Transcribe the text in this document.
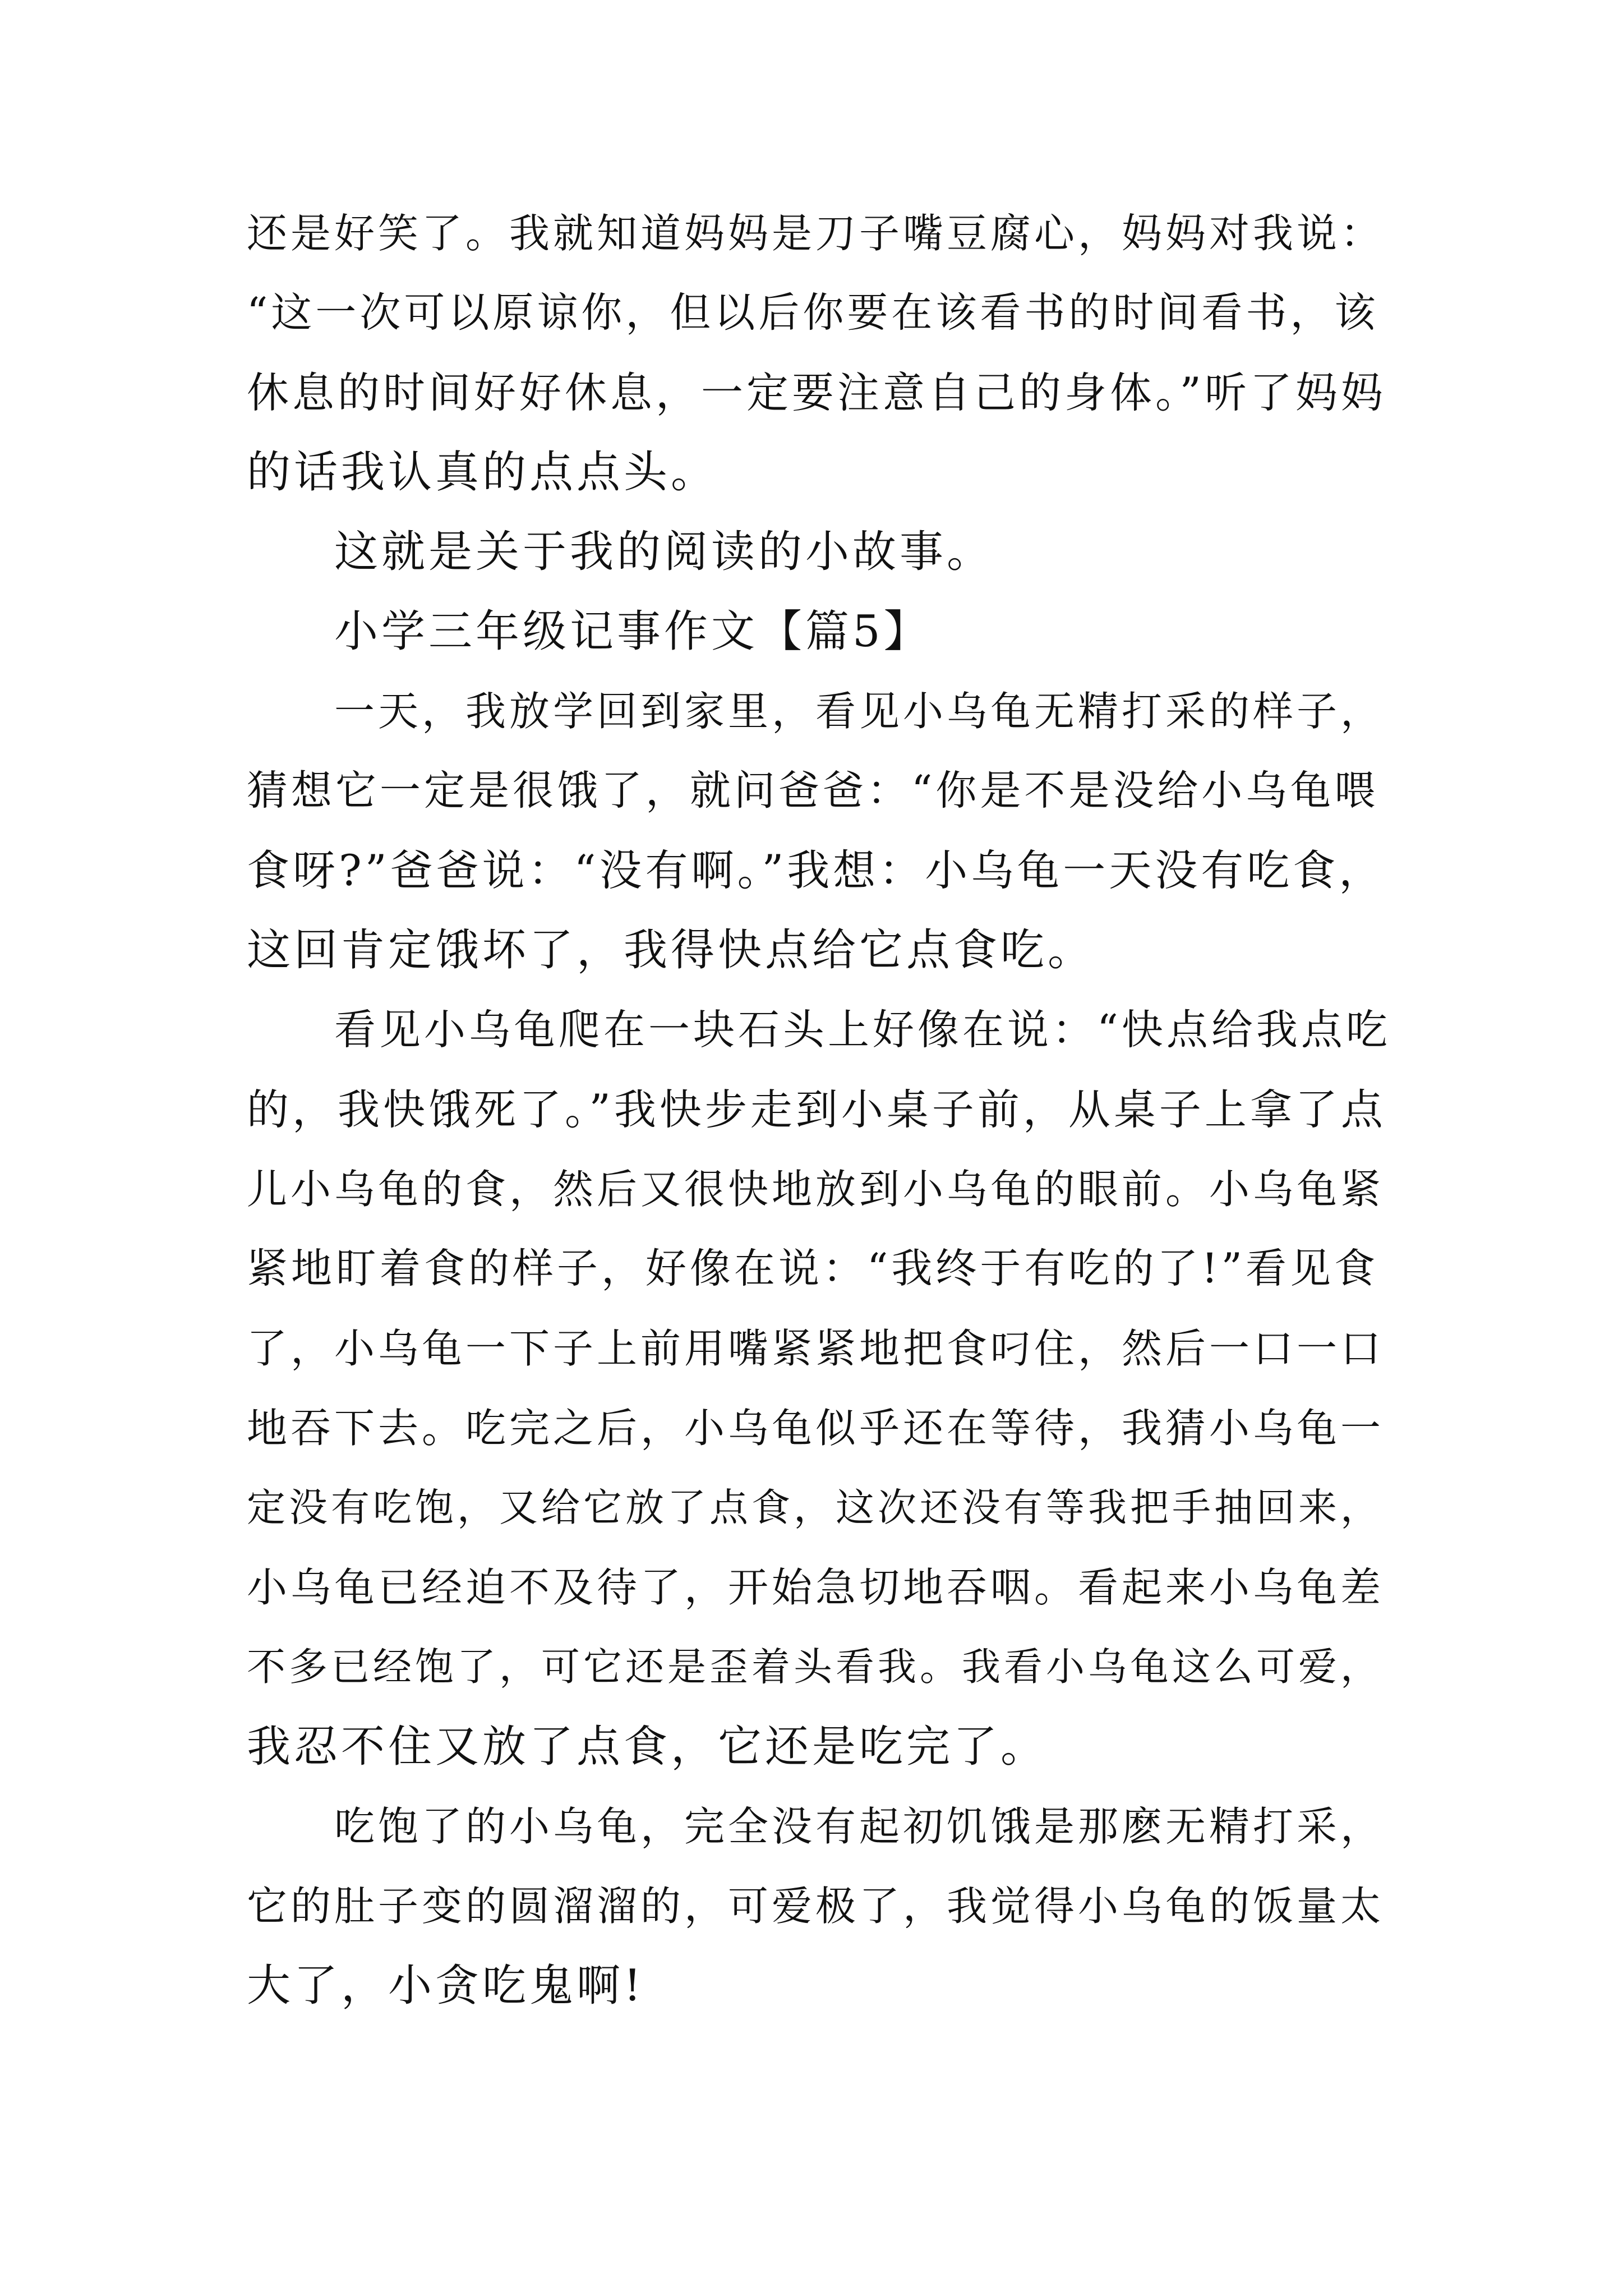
还是好笑了。我就知道妈妈是刀子嘴豆腐心，妈妈对我说：
“这一次可以原谅你，但以后你要在该看书的时间看书，该
休息的时间好好休息，一定要注意自己的身体。”听了妈妈
的话我认真的点点头。
这就是关于我的阅读的小故事。
小学三年级记事作文【篇5】
一天，我放学回到家里，看见小乌龟无精打采的样子，
猜想它一定是很饿了，就问爸爸：“你是不是没给小乌龟喂
食呀?”爸爸说：“没有啊。”我想：小乌龟一天没有吃食，
这回肯定饿坏了，我得快点给它点食吃。
看见小乌龟爬在一块石头上好像在说：“快点给我点吃
的，我快饿死了。”我快步走到小桌子前，从桌子上拿了点
儿小乌龟的食，然后又很快地放到小乌龟的眼前。小乌龟紧
紧地盯着食的样子，好像在说：“我终于有吃的了!”看见食
了，小乌龟一下子上前用嘴紧紧地把食叼住，然后一口一口
地吞下去。吃完之后，小乌龟似乎还在等待，我猜小乌龟一
定没有吃饱，又给它放了点食，这次还没有等我把手抽回来，
小乌龟已经迫不及待了，开始急切地吞咽。看起来小乌龟差
不多已经饱了，可它还是歪着头看我。我看小乌龟这么可爱，
我忍不住又放了点食，它还是吃完了。
吃饱了的小乌龟，完全没有起初饥饿是那麽无精打采，
它的肚子变的圆溜溜的，可爱极了，我觉得小乌龟的饭量太
大了，小贪吃鬼啊!
